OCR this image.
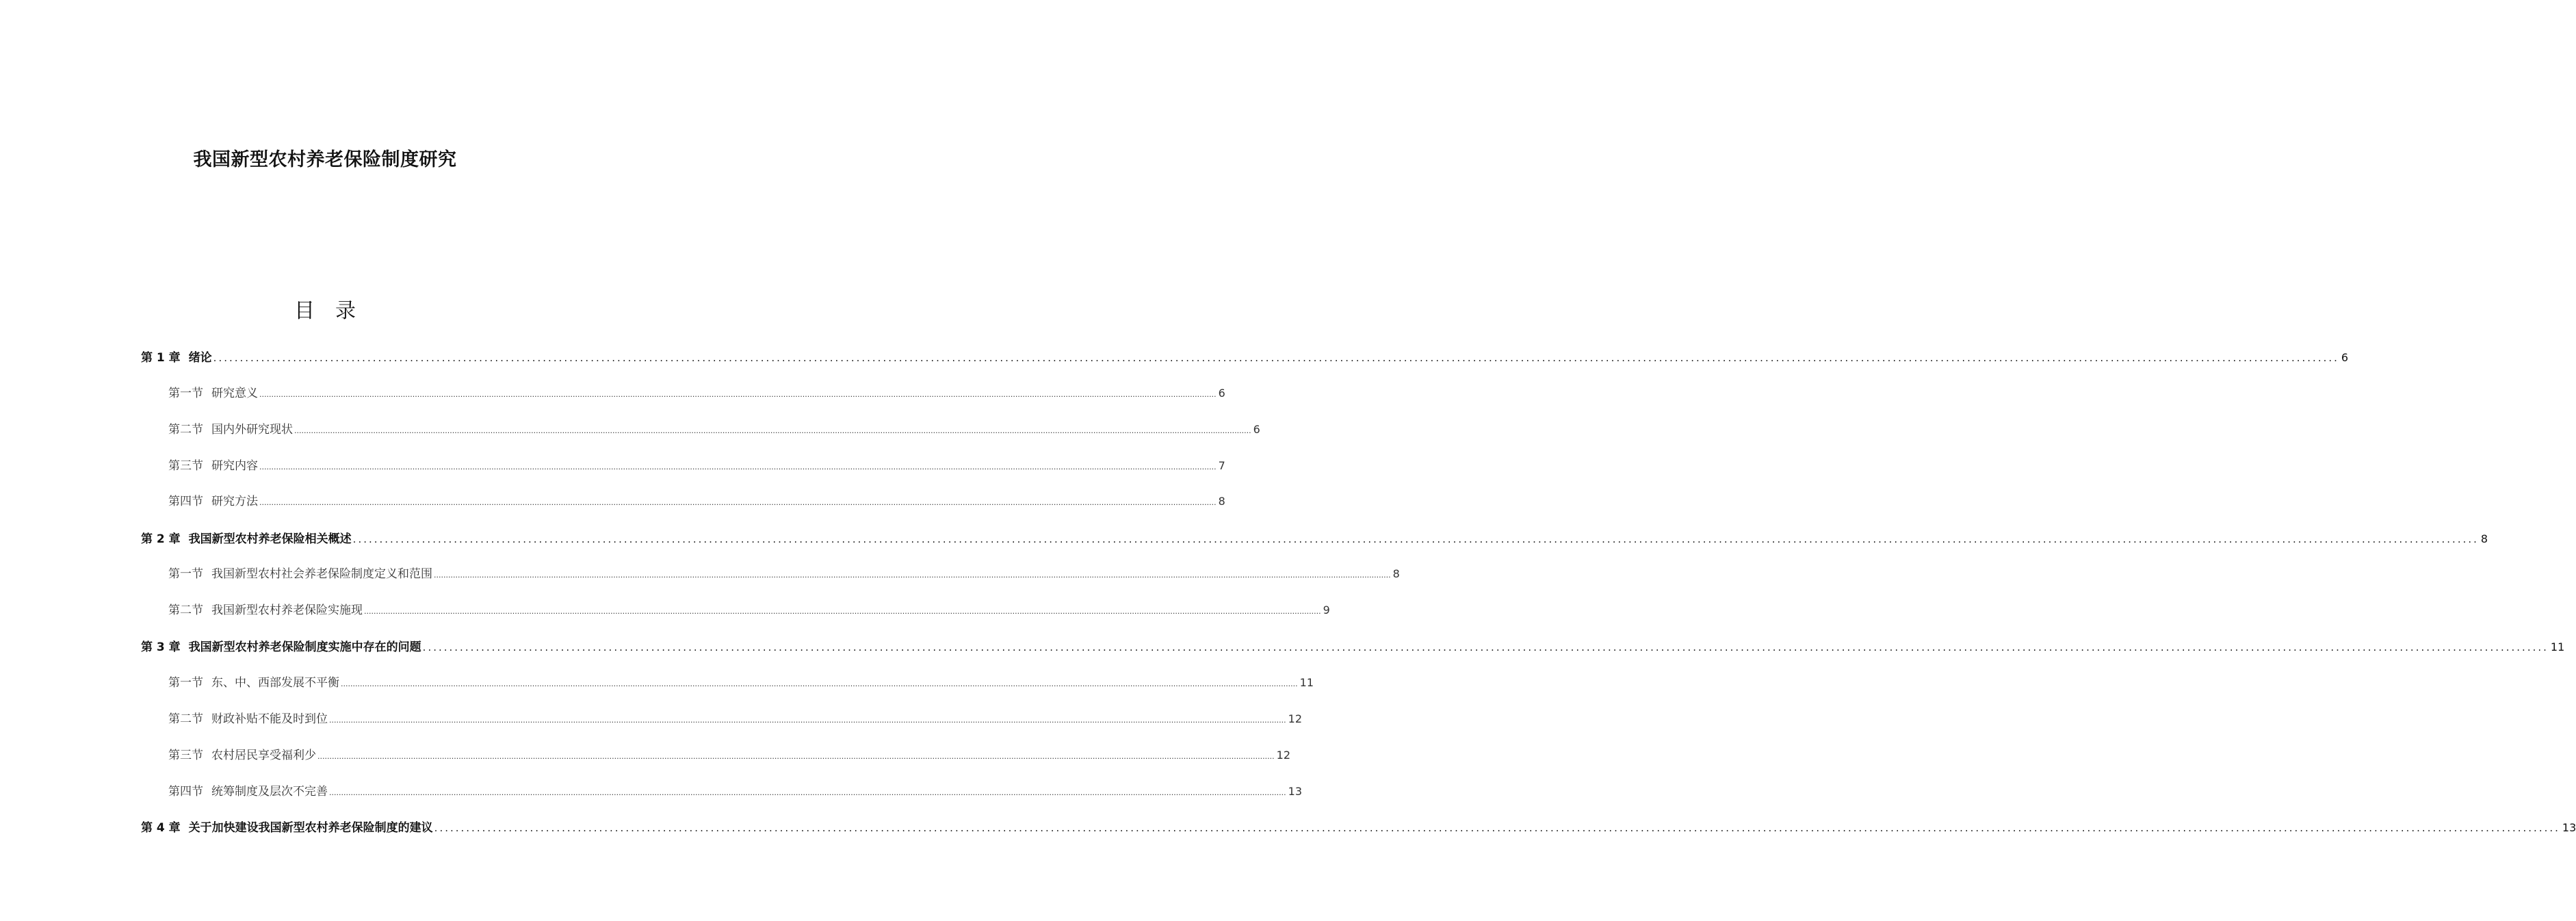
我国新型农村养老保险制度研究
目 录
第 1 章 绪论 ................................................................................................................................................................................................................................................................................................................................................................................................................ 6
第一节 研究意义 ................................................................................................................................................................................................................................................................................................................................................................................................................ 6
第二节 国内外研究现状 ................................................................................................................................................................................................................................................................................................................................................................................................................ 6
第三节 研究内容 ................................................................................................................................................................................................................................................................................................................................................................................................................ 7
第四节 研究方法 ................................................................................................................................................................................................................................................................................................................................................................................................................ 8
第 2 章 我国新型农村养老保险相关概述 ................................................................................................................................................................................................................................................................................................................................................................................................................ 8
第一节 我国新型农村社会养老保险制度定义和范围 ................................................................................................................................................................................................................................................................................................................................................................................................................ 8
第二节 我国新型农村养老保险实施现 ................................................................................................................................................................................................................................................................................................................................................................................................................ 9
第 3 章 我国新型农村养老保险制度实施中存在的问题 ................................................................................................................................................................................................................................................................................................................................................................................................................ 11
第一节 东、中、西部发展不平衡 ................................................................................................................................................................................................................................................................................................................................................................................................................ 11
第二节 财政补贴不能及时到位 ................................................................................................................................................................................................................................................................................................................................................................................................................ 12
第三节 农村居民享受福利少 ................................................................................................................................................................................................................................................................................................................................................................................................................ 12
第四节 统筹制度及层次不完善 ................................................................................................................................................................................................................................................................................................................................................................................................................ 13
第 4 章 关于加快建设我国新型农村养老保险制度的建议 ................................................................................................................................................................................................................................................................................................................................................................................................................ 13
